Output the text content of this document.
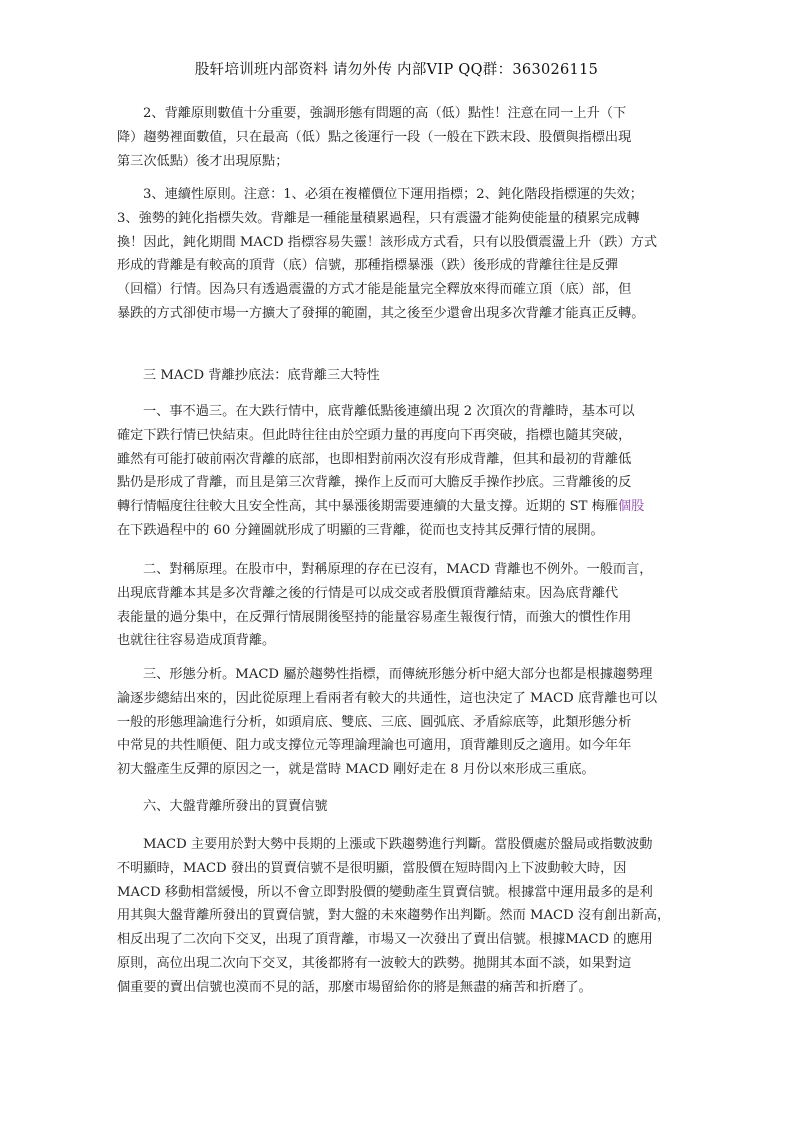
股轩培训班内部资料 请勿外传 内部VIP QQ群：363026115
2、背離原則數值十分重要，強調形態有問題的高（低）點性！注意在同一上升（下
降）趨勢裡面數值，只在最高（低）點之後運行一段（一般在下跌末段、股價與指標出現
第三次低點）後才出現原點；
3、連續性原則。注意：1、必須在複權價位下運用指標；2、鈍化階段指標運的失效；
3、強勢的鈍化指標失效。背離是一種能量積累過程，只有震盪才能夠使能量的積累完成轉
換！因此，鈍化期間 MACD 指標容易失靈！該形成方式看，只有以股價震盪上升（跌）方式
形成的背離是有較高的頂背（底）信號，那種指標暴漲（跌）後形成的背離往往是反彈
（回檔）行情。因為只有透過震盪的方式才能是能量完全釋放來得而確立頂（底）部，但
暴跌的方式卻使市場一方擴大了發揮的範圍，其之後至少還會出現多次背離才能真正反轉。
三 MACD 背離抄底法：底背離三大特性
一、事不過三。在大跌行情中，底背離低點後連續出現 2 次頂次的背離時，基本可以
確定下跌行情已快結束。但此時往往由於空頭力量的再度向下再突破，指標也隨其突破，
雖然有可能打破前兩次背離的底部，也即相對前兩次沒有形成背離，但其和最初的背離低
點仍是形成了背離，而且是第三次背離，操作上反而可大膽反手操作抄底。三背離後的反
轉行情幅度往往較大且安全性高，其中暴漲後期需要連續的大量支撐。近期的 ST 梅雁個股
在下跌過程中的 60 分鐘圖就形成了明顯的三背離，從而也支持其反彈行情的展開。
二、對稱原理。在股市中，對稱原理的存在已沒有，MACD 背離也不例外。一般而言，
出現底背離本其是多次背離之後的行情是可以成交或者股價頂背離結束。因為底背離代
表能量的過分集中，在反彈行情展開後堅持的能量容易產生報復行情，而強大的慣性作用
也就往往容易造成頂背離。
三、形態分析。MACD 屬於趨勢性指標，而傳統形態分析中絕大部分也都是根據趨勢理
論逐步總結出來的，因此從原理上看兩者有較大的共通性，這也決定了 MACD 底背離也可以
一般的形態理論進行分析，如頭肩底、雙底、三底、圓弧底、矛盾綜底等，此類形態分析
中常見的共性順便、阻力或支撐位元等理論理論也可適用，頂背離則反之適用。如今年年
初大盤產生反彈的原因之一，就是當時 MACD 剛好走在 8 月份以來形成三重底。
六、大盤背離所發出的買賣信號
MACD 主要用於對大勢中長期的上漲或下跌趨勢進行判斷。當股價處於盤局或指數波動
不明顯時，MACD 發出的買賣信號不是很明顯，當股價在短時間內上下波動較大時，因
MACD 移動相當緩慢，所以不會立即對股價的變動產生買賣信號。根據當中運用最多的是利
用其與大盤背離所發出的買賣信號，對大盤的未來趨勢作出判斷。然而 MACD 沒有創出新高，
相反出現了二次向下交叉，出現了頂背離，市場又一次發出了賣出信號。根據MACD 的應用
原則，高位出現二次向下交叉，其後都將有一波較大的跌勢。拋開其本面不談，如果對這
個重要的賣出信號也漠而不見的話，那麼市場留給你的將是無盡的痛苦和折磨了。
